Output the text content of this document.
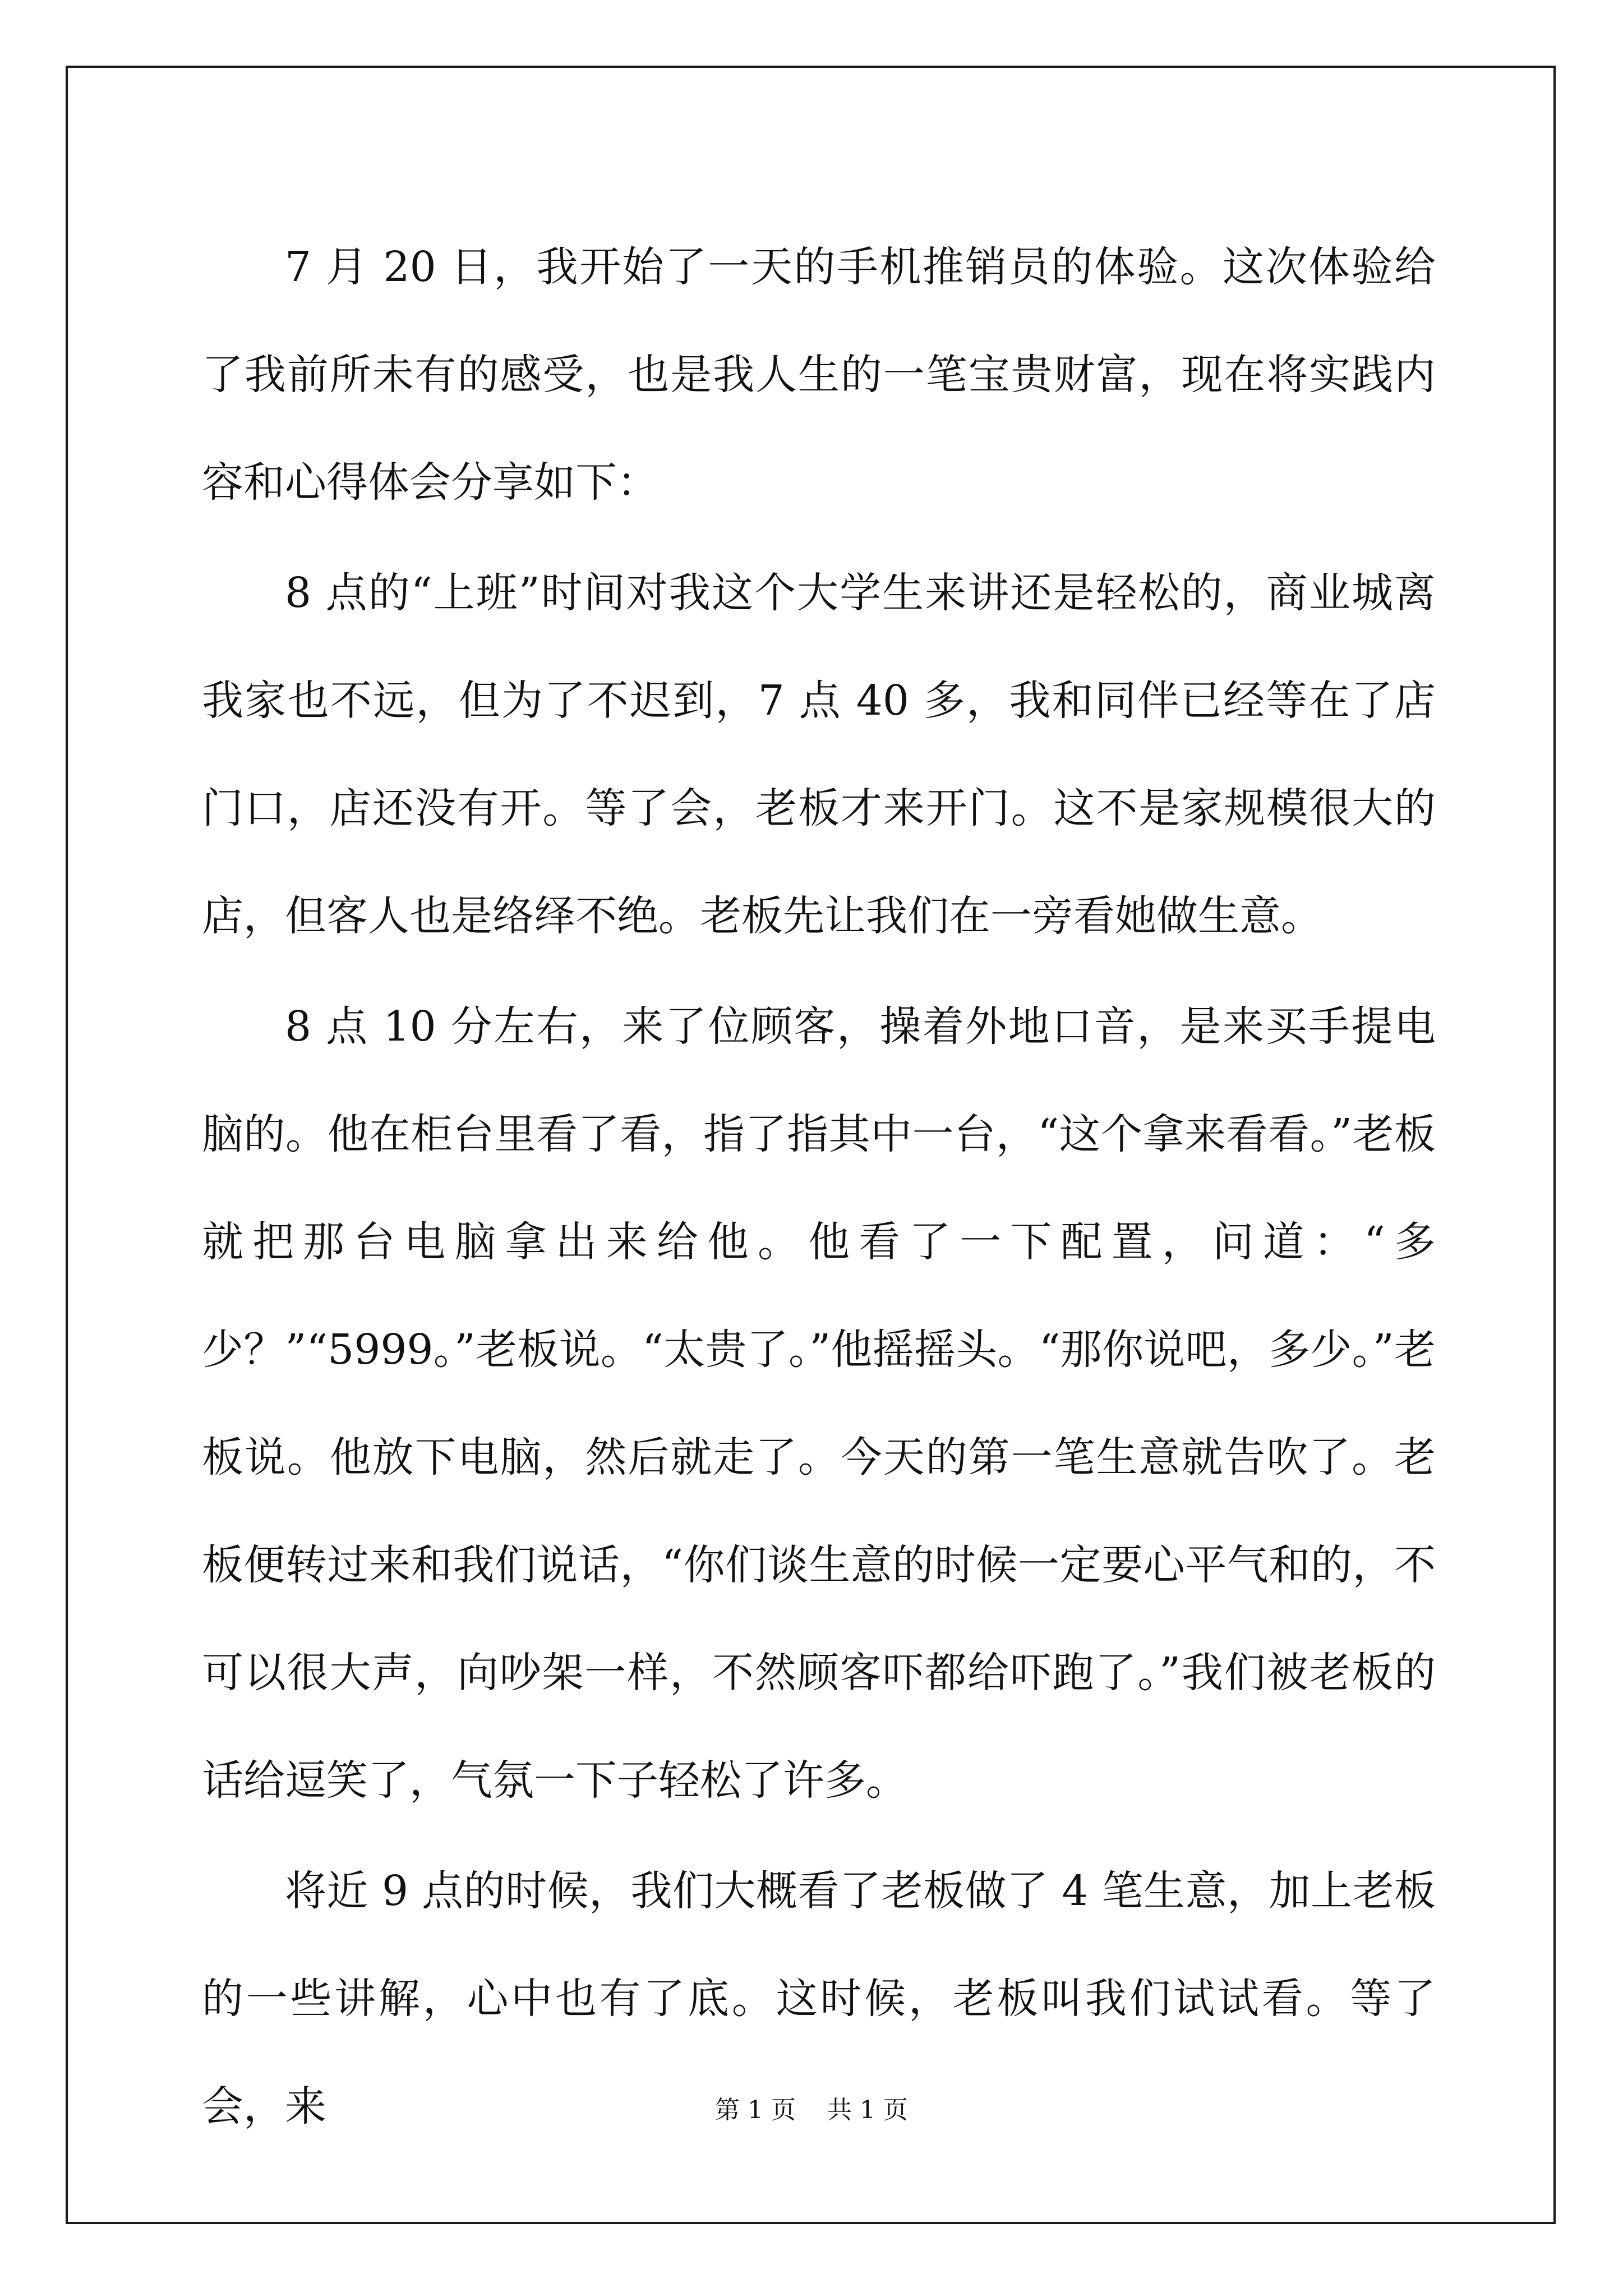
7 月 20 日，我开始了一天的手机推销员的体验。这次体验给了我前所未有的感受，也是我人生的一笔宝贵财富，现在将实践内容和心得体会分享如下：

8 点的“上班”时间对我这个大学生来讲还是轻松的，商业城离我家也不远，但为了不迟到，7 点 40 多，我和同伴已经等在了店门口，店还没有开。等了会，老板才来开门。这不是家规模很大的店，但客人也是络绎不绝。老板先让我们在一旁看她做生意。

8 点 10 分左右，来了位顾客，操着外地口音，是来买手提电脑的。他在柜台里看了看，指了指其中一台，“这个拿来看看。”老板就把那台电脑拿出来给他。他看了一下配置，问道：“多少？”“5999。”老板说。“太贵了。”他摇摇头。“那你说吧，多少。”老板说。他放下电脑，然后就走了。今天的第一笔生意就告吹了。老板便转过来和我们说话，“你们谈生意的时候一定要心平气和的，不可以很大声，向吵架一样，不然顾客吓都给吓跑了。”我们被老板的话给逗笑了，气氛一下子轻松了许多。

将近 9 点的时候，我们大概看了老板做了 4 笔生意，加上老板的一些讲解，心中也有了底。这时候，老板叫我们试试看。等了会，来	第 1 页    共 1 页
